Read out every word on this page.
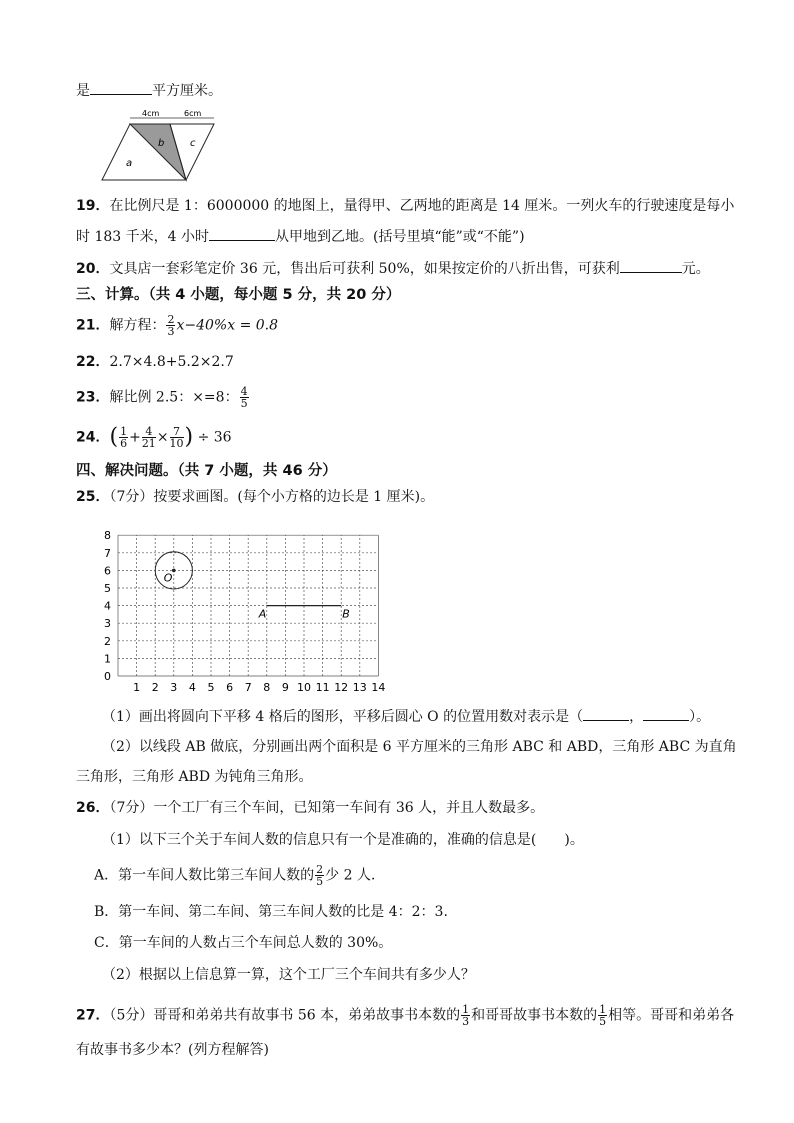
是	平方厘米。
4cm	6cm
a
b	c
19．在比例尺是 1：6000000 的地图上，量得甲、乙两地的距离是 14 厘米。一列火车的行驶速度是每小
时 183 千米，4 小时	从甲地到乙地。(括号里填“能”或“不能”)
20．文具店一套彩笔定价 36 元，售出后可获利 50%，如果按定价的八折出售，可获利	元。
三、计算。（共 4 小题，每小题 5 分，共 20 分）
21．解方程： $\frac{2}{3} x-40\%x = 0.8$
22．2.7×4.8+5.2×2.7
23．解比例 2.5：×=8： $\frac{4}{5}$
24．( $\frac{1}{6} + \frac{4}{21} \times \frac{7}{10}$ ) ÷ 36
四、解决问题。（共 7 小题，共 46 分）
25．（7分）按要求画图。(每个小方格的边长是 1 厘米)。
1 2 3 4 5 6 7 8 9 10 11 12 13 14
0
1
2
3
4
5
6
7
8
O
A	B
（1）画出将圆向下平移 4 格后的图形，平移后圆心 O 的位置用数对表示是（	，	）。
（2）以线段 AB 做底，分别画出两个面积是 6 平方厘米的三角形 ABC 和 ABD，三角形 ABC 为直角
三角形，三角形 ABD 为钝角三角形。
26．（7分）一个工厂有三个车间，已知第一车间有 36 人，并且人数最多。
（1）以下三个关于车间人数的信息只有一个是准确的，准确的信息是(　　)。
A．第一车间人数比第三车间人数的 $\frac{2}{5}$ 少 2 人.
B．第一车间、第二车间、第三车间人数的比是 4：2：3.
C．第一车间的人数占三个车间总人数的 30%。
（2）根据以上信息算一算，这个工厂三个车间共有多少人？
27．（5分）哥哥和弟弟共有故事书 56 本，弟弟故事书本数的 $\frac{1}{3}$ 和哥哥故事书本数的 $\frac{1}{5}$ 相等。哥哥和弟弟各
有故事书多少本？(列方程解答)
